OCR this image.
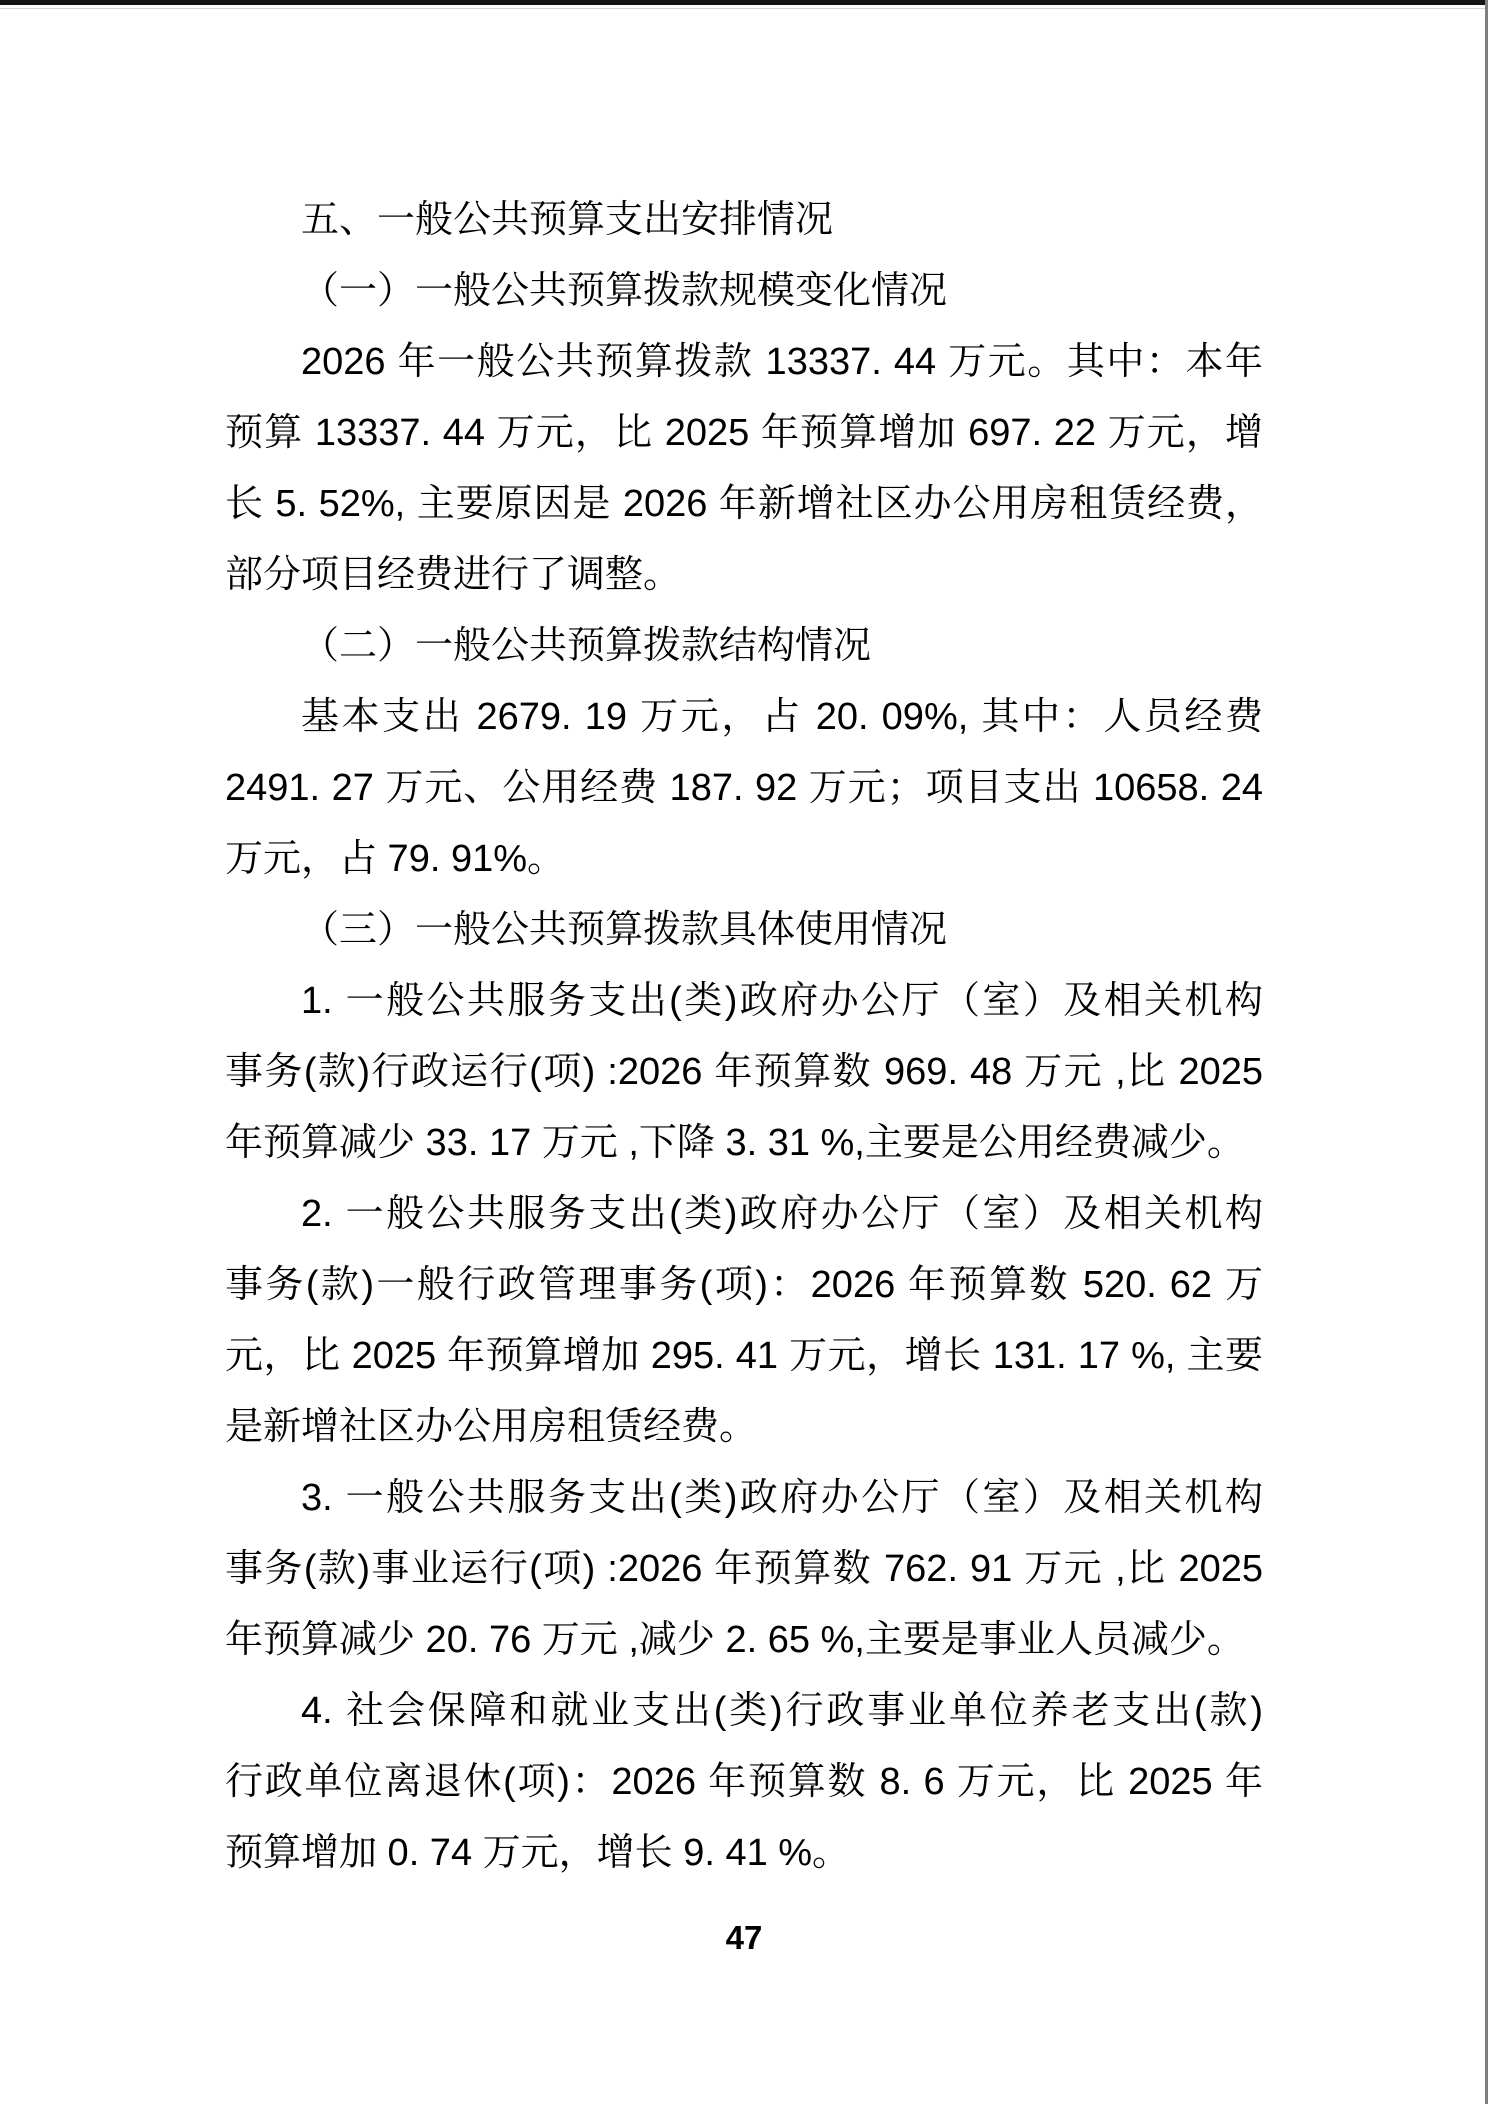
五、一般公共预算支出安排情况
（一）一般公共预算拨款规模变化情况
2026 年一般公共预算拨款 13337. 44 万元。其中：本年
预算 13337. 44 万元，比 2025 年预算增加 697. 22 万元，增
长 5. 52%, 主要原因是 2026 年新增社区办公用房租赁经费，
部分项目经费进行了调整。
（二）一般公共预算拨款结构情况
基本支出 2679. 19 万元，占 20. 09%, 其中：人员经费
2491. 27 万元、公用经费 187. 92 万元；项目支出 10658. 24
万元，占 79. 91%。
（三）一般公共预算拨款具体使用情况
1. 一般公共服务支出(类)政府办公厅（室）及相关机构
事务(款)行政运行(项) :2026 年预算数 969. 48 万元 ,比 2025
年预算减少 33. 17 万元 ,下降 3. 31 %,主要是公用经费减少。
2. 一般公共服务支出(类)政府办公厅（室）及相关机构
事务(款)一般行政管理事务(项)：2026 年预算数 520. 62 万
元，比 2025 年预算增加 295. 41 万元，增长 131. 17 %, 主要
是新增社区办公用房租赁经费。
3. 一般公共服务支出(类)政府办公厅（室）及相关机构
事务(款)事业运行(项) :2026 年预算数 762. 91 万元 ,比 2025
年预算减少 20. 76 万元 ,减少 2. 65 %,主要是事业人员减少。
4. 社会保障和就业支出(类)行政事业单位养老支出(款)
行政单位离退休(项)：2026 年预算数 8. 6 万元，比 2025 年
预算增加 0. 74 万元，增长 9. 41 %。
47
